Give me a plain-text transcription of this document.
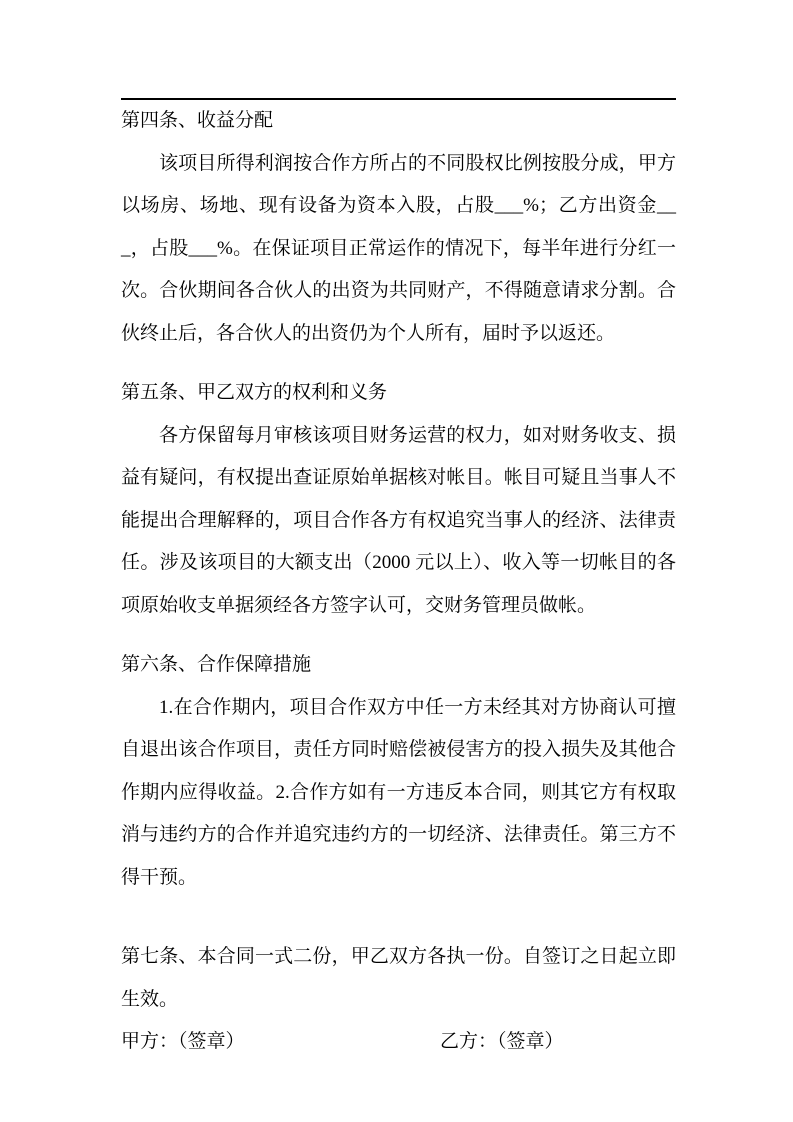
第四条、收益分配

该项目所得利润按合作方所占的不同股权比例按股分成，甲方以场房、场地、现有设备为资本入股，占股___%；乙方出资金___，占股___%。在保证项目正常运作的情况下，每半年进行分红一次。合伙期间各合伙人的出资为共同财产，不得随意请求分割。合伙终止后，各合伙人的出资仍为个人所有，届时予以返还。

第五条、甲乙双方的权利和义务

各方保留每月审核该项目财务运营的权力，如对财务收支、损益有疑问，有权提出查证原始单据核对帐目。帐目可疑且当事人不能提出合理解释的，项目合作各方有权追究当事人的经济、法律责任。涉及该项目的大额支出（2000 元以上）、收入等一切帐目的各项原始收支单据须经各方签字认可，交财务管理员做帐。

第六条、合作保障措施

1.在合作期内，项目合作双方中任一方未经其对方协商认可擅自退出该合作项目，责任方同时赔偿被侵害方的投入损失及其他合作期内应得收益。2.合作方如有一方违反本合同，则其它方有权取消与违约方的合作并追究违约方的一切经济、法律责任。第三方不得干预。

第七条、本合同一式二份，甲乙双方各执一份。自签订之日起立即生效。

甲方：（签章）	乙方：（签章）
